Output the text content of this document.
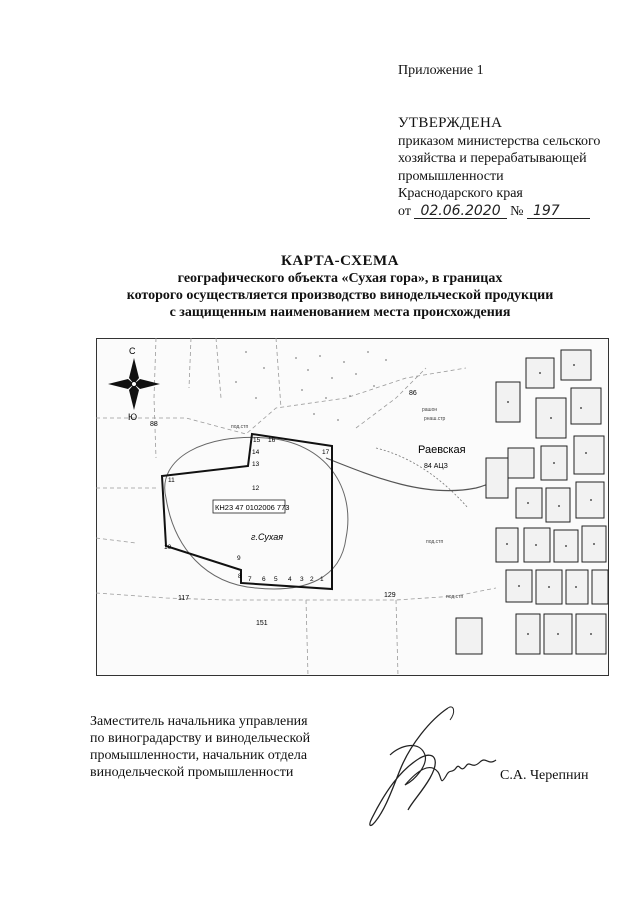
Приложение 1
УТВЕРЖДЕНА
приказом министерства сельского
хозяйства и перерабатывающей
промышленности
Краснодарского края
от 02.06.2020 № 197
КАРТА-СХЕМА
географического объекта «Сухая гора», в границах
которого осуществляется производство винодельческой продукции
с защищенным наименованием места происхождения
С
Ю
КН23 47 0102006 773
г.Сухая
Раевская
86
88
117
151
129
84 АЦЗ
1
2
3
4
5
6
7
8
9
10
11
12
13
14
15 16
17
под.стп
под.стп
под.стп
рашон
рнаш.стр
Заместитель начальника управления
по виноградарству и винодельческой
промышленности, начальник отдела
винодельческой промышленности	С.А. Черепнин
